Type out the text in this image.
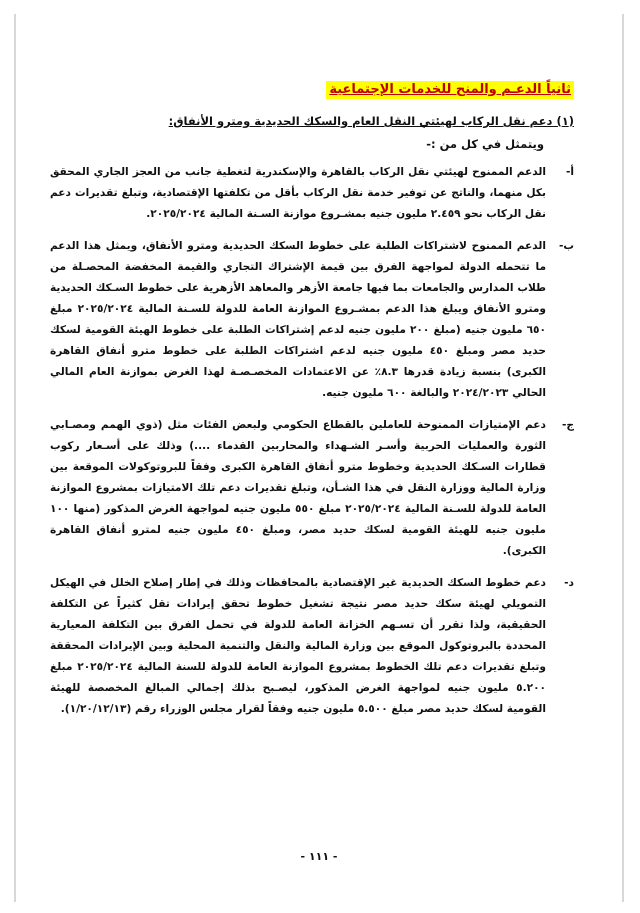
ثانياً الدعـم والمنح للخدمات الإجتماعية
(١) دعم نقل الركاب لهيئتي النقل العام والسكك الحديدية ومترو الأنفاق:
ويتمثل في كل من :-
أ-
الدعم الممنوح لهيئتي نقل الركاب بالقاهرة والإسكندرية لتغطية جانب من العجز الجاري المحقق بكل منهما، والناتج عن توفير خدمة نقل الركاب بأقل من تكلفتها الإقتصادية، وتبلغ تقديرات دعم نقل الركاب نحو ٢.٤٥٩ مليون جنيه بمشـروع موازنة السـنة المالية ٢٠٢٥/٢٠٢٤.
ب-
الدعم الممنوح لاشتراكات الطلبة على خطوط السكك الحديدية ومترو الأنفاق، ويمثل هذا الدعم ما تتحمله الدولة لمواجهة الفرق بين قيمة الإشتراك التجاري والقيمة المخفضة المحصـلة من طلاب المدارس والجامعات بما فيها جامعة الأزهر والمعاهد الأزهرية على خطوط السـكك الحديدية ومترو الأنفاق ويبلغ هذا الدعم بمشـروع الموازنة العامة للدولة للسـنة المالية ٢٠٢٥/٢٠٢٤ مبلغ ٦٥٠ مليون جنيه (مبلغ ٢٠٠ مليون جنيه لدعم إشتراكات الطلبة على خطوط الهيئة القومية لسكك حديد مصر ومبلغ ٤٥٠ مليون جنيه لدعم اشتراكات الطلبة على خطوط مترو أنفاق القاهرة الكبرى) بنسبة زيادة قدرها ٨.٣٪ عن الاعتمادات المخصـصـة لهذا الغرض بموازنة العام المالي الحالي ٢٠٢٤/٢٠٢٣ والبالغة ٦٠٠ مليون جنيه.
ج-
دعم الإمتيازات الممنوحة للعاملين بالقطاع الحكومي ولبعض الفئات مثل (ذوي الهمم ومصـابي الثورة والعمليات الحربية وأسـر الشـهداء والمحاربين القدماء ....) وذلك على أسـعار ركوب قطارات السـكك الحديدية وخطوط مترو أنفاق القاهرة الكبرى وفقاً للبروتوكولات الموقعة بين وزارة المالية ووزارة النقل في هذا الشـأن، وتبلغ تقديرات دعم تلك الامتيازات بمشروع الموازنة العامة للدولة للسـنة المالية ٢٠٢٥/٢٠٢٤ مبلغ ٥٥٠ مليون جنيه لمواجهة الغرض المذكور (منها ١٠٠ مليون جنيه للهيئة القومية لسكك حديد مصر، ومبلغ ٤٥٠ مليون جنيه لمترو أنفاق القاهرة الكبرى).
د-
دعم خطوط السكك الحديدية غير الإقتصادية بالمحافظات وذلك في إطار إصلاح الخلل في الهيكل التمويلي لهيئة سكك حديد مصر نتيجة تشغيل خطوط تحقق إيرادات تقل كثيراً عن التكلفة الحقيقية، ولذا تقرر أن تسـهم الخزانة العامة للدولة في تحمل الفرق بين التكلفة المعيارية المحددة بالبروتوكول الموقع بين وزارة المالية والنقل والتنمية المحلية وبين الإيرادات المحققة وتبلغ تقديرات دعم تلك الخطوط بمشروع الموازنة العامة للدولة للسنة المالية ٢٠٢٥/٢٠٢٤ مبلغ ٥.٢٠٠ مليون جنيه لمواجهة الغرض المذكور، ليصـبح بذلك إجمالي المبالغ المخصصة للهيئة القومية لسكك حديد مصر مبلغ ٥.٥٠٠ مليون جنيه وفقاً لقرار مجلس الوزراء رقم (١/٢٠/١٢/١٣).
- ١١١ -
